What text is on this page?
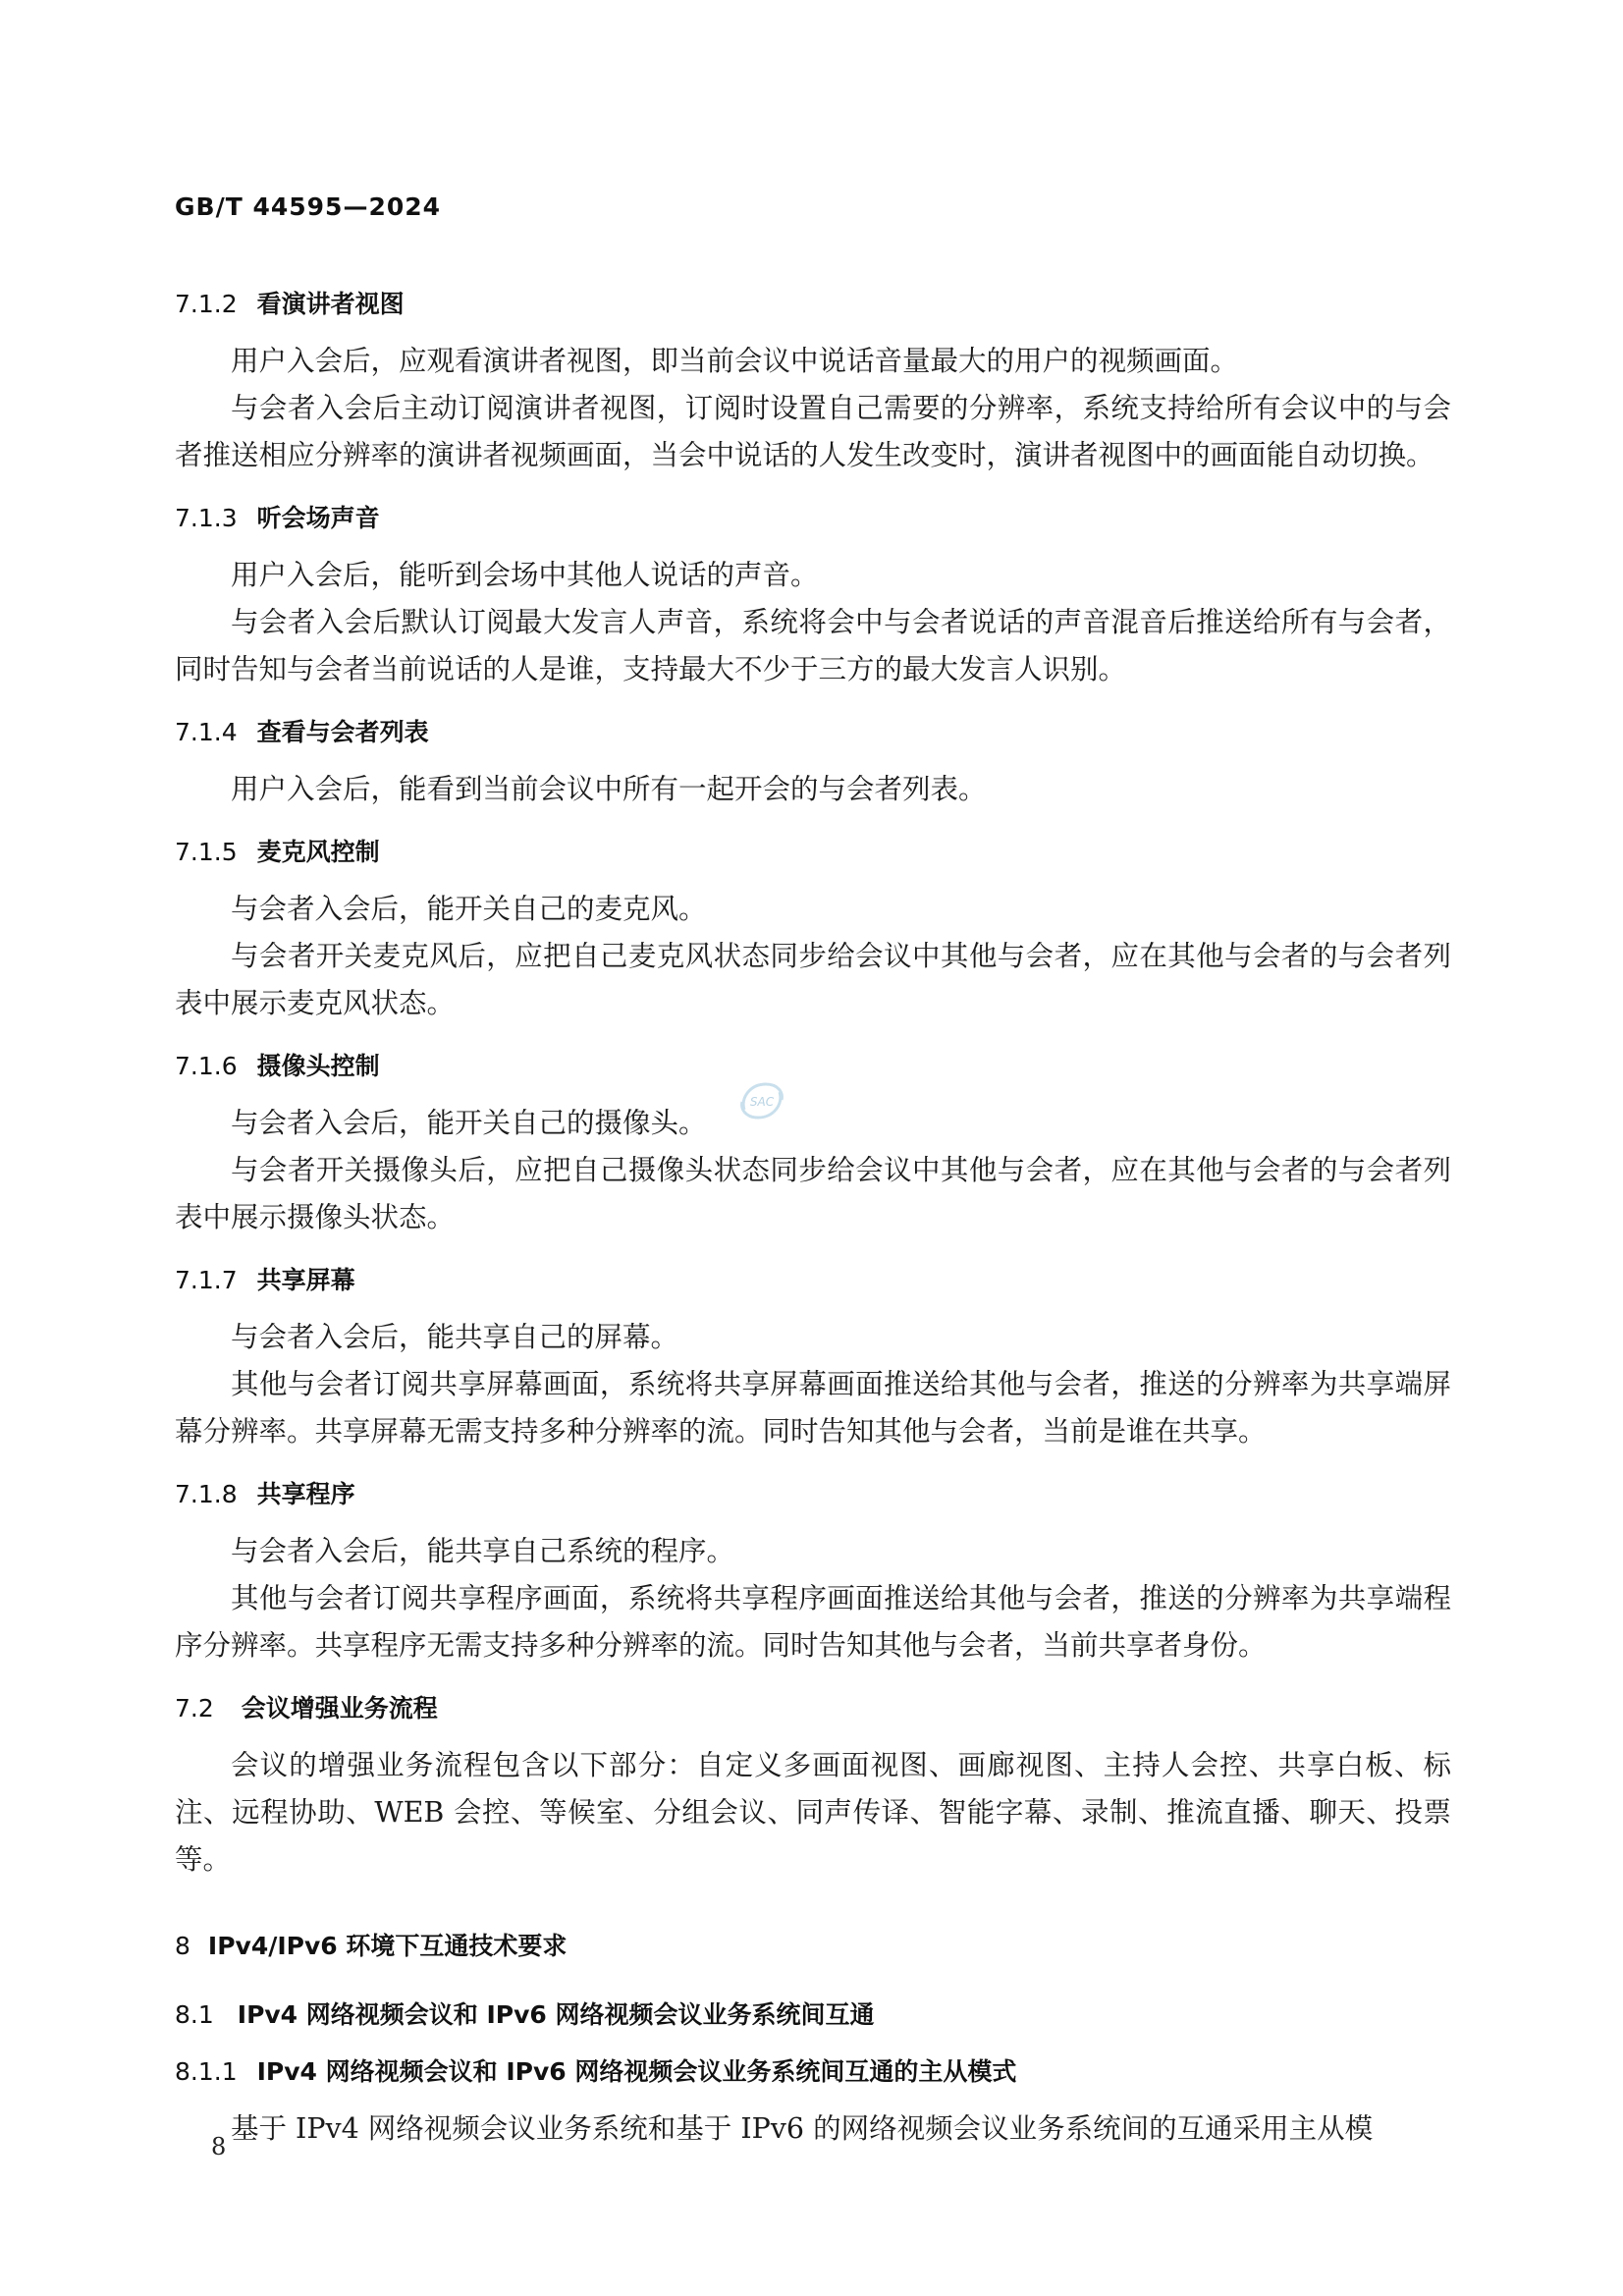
GB/T 44595—2024
7.1.2 看演讲者视图

用户入会后，应观看演讲者视图，即当前会议中说话音量最大的用户的视频画面。

与会者入会后主动订阅演讲者视图，订阅时设置自己需要的分辨率，系统支持给所有会议中的与会者推送相应分辨率的演讲者视频画面，当会中说话的人发生改变时，演讲者视图中的画面能自动切换。

7.1.3 听会场声音

用户入会后，能听到会场中其他人说话的声音。

与会者入会后默认订阅最大发言人声音，系统将会中与会者说话的声音混音后推送给所有与会者，同时告知与会者当前说话的人是谁，支持最大不少于三方的最大发言人识别。

7.1.4 查看与会者列表

用户入会后，能看到当前会议中所有一起开会的与会者列表。

7.1.5 麦克风控制

与会者入会后，能开关自己的麦克风。

与会者开关麦克风后，应把自己麦克风状态同步给会议中其他与会者，应在其他与会者的与会者列表中展示麦克风状态。

7.1.6 摄像头控制

与会者入会后，能开关自己的摄像头。

与会者开关摄像头后，应把自己摄像头状态同步给会议中其他与会者，应在其他与会者的与会者列表中展示摄像头状态。

7.1.7 共享屏幕

与会者入会后，能共享自己的屏幕。

其他与会者订阅共享屏幕画面，系统将共享屏幕画面推送给其他与会者，推送的分辨率为共享端屏幕分辨率。共享屏幕无需支持多种分辨率的流。同时告知其他与会者，当前是谁在共享。

7.1.8 共享程序

与会者入会后，能共享自己系统的程序。

其他与会者订阅共享程序画面，系统将共享程序画面推送给其他与会者，推送的分辨率为共享端程序分辨率。共享程序无需支持多种分辨率的流。同时告知其他与会者，当前共享者身份。

7.2 会议增强业务流程

会议的增强业务流程包含以下部分：自定义多画面视图、画廊视图、主持人会控、共享白板、标注、远程协助、WEB 会控、等候室、分组会议、同声传译、智能字幕、录制、推流直播、聊天、投票等。

8 IPv4/IPv6 环境下互通技术要求
8.1 IPv4 网络视频会议和 IPv6 网络视频会议业务系统间互通
8.1.1 IPv4 网络视频会议和 IPv6 网络视频会议业务系统间互通的主从模式

基于 IPv4 网络视频会议业务系统和基于 IPv6 的网络视频会议业务系统间的互通采用主从模

SAC
8
